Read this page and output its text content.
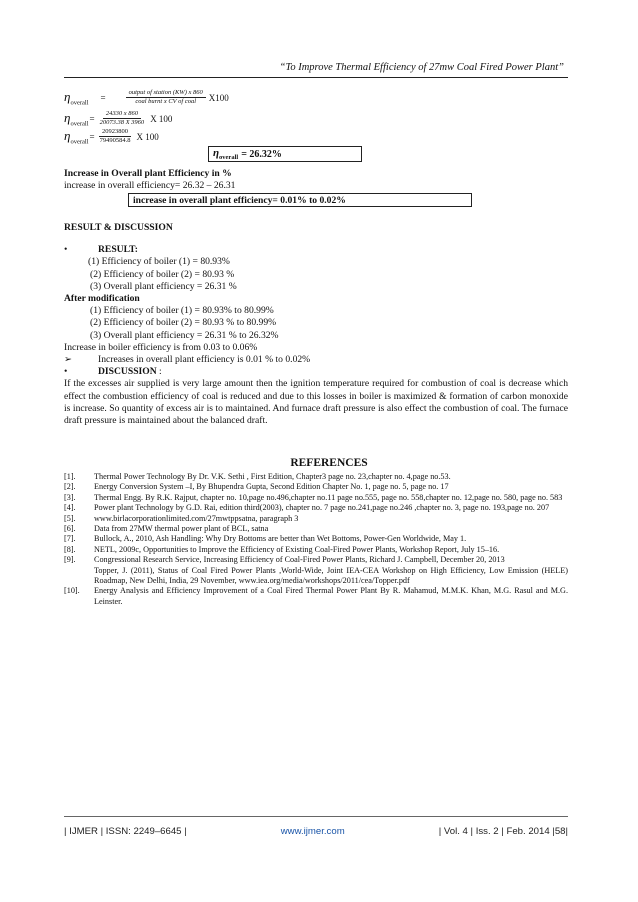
“To Improve Thermal Efficiency of 27mw Coal Fired Power Plant”
$\eta_{overall}$
=	$\frac{\text{output of station (KW) x 860}}{\text{coal burnt x CV of coal}} X100$
$\eta_{overall}$
= $\frac{24330 x 860}{20073.38 X 3960}$ X 100
$\eta_{overall}$
= $\frac{20923800}{79490584.8}$ X 100
$\eta_{overall} = 26.32\%$
Increase in Overall plant Efficiency in %
increase in overall efficiency= 26.32 – 26.31
increase in overall plant efficiency= 0.01% to 0.02%
RESULT & DISCUSSION
•	RESULT:
(1) Efficiency of boiler (1) = 80.93%
(2) Efficiency of boiler (2) = 80.93 %
(3) Overall plant efficiency = 26.31 %
After modification
(1) Efficiency of boiler (1) = 80.93% to 80.99%
(2) Efficiency of boiler (2) = 80.93 % to 80.99%
(3) Overall plant efficiency = 26.31 % to 26.32%
Increase in boiler efficiency is from 0.03 to 0.06%
➢	Increases in overall plant efficiency is 0.01 % to 0.02%
•	DISCUSSION :
If the excesses air supplied is very large amount then the ignition temperature required for combustion of coal is decrease which effect the combustion efficiency of coal is reduced and due to this losses in boiler is maximized & formation of carbon monoxide is increase. So quantity of excess air is to maintained. And furnace draft pressure is also effect the combustion of coal. The furnace draft pressure is maintained about the balanced draft.
REFERENCES
[1].	Thermal Power Technology By Dr. V.K. Sethi , First Edition, Chapter3 page no. 23,chapter no. 4,page no.53.
[2].	Energy Conversion System –I, By Bhupendra Gupta, Second Edition Chapter No. 1, page no. 5, page no. 17
[3].	Thermal Engg. By R.K. Rajput, chapter no. 10,page no.496,chapter no.11 page no.555, page no. 558,chapter no. 12,page no. 580, page no. 583
[4].	Power plant Technology by G.D. Rai, edition third(2003), chapter no. 7 page no.241,page no.246 ,chapter no. 3, page no. 193,page no. 207
[5].	www.birlacorporationlimited.com/27mwtppsatna, paragraph 3
[6].	Data from 27MW thermal power plant of BCL, satna
[7].	Bullock, A., 2010, Ash Handling: Why Dry Bottoms are better than Wet Bottoms, Power-Gen Worldwide, May 1.
[8].	NETL, 2009c, Opportunities to Improve the Efficiency of Existing Coal-Fired Power Plants, Workshop Report, July 15–16.
[9].	Congressional Research Service, Increasing Efficiency of Coal-Fired Power Plants, Richard J. Campbell, December 20, 2013
Topper, J. (2011), Status of Coal Fired Power Plants ,World-Wide, Joint IEA-CEA Workshop on High Efficiency, Low Emission (HELE) Roadmap, New Delhi, India, 29 November, www.iea.org/media/workshops/2011/cea/Topper.pdf
[10].	Energy Analysis and Efficiency Improvement of a Coal Fired Thermal Power Plant By R. Mahamud, M.M.K. Khan, M.G. Rasul and M.G. Leinster.
| IJMER | ISSN: 2249–6645 |	www.ijmer.com	| Vol. 4 | Iss. 2 | Feb. 2014 |58|
